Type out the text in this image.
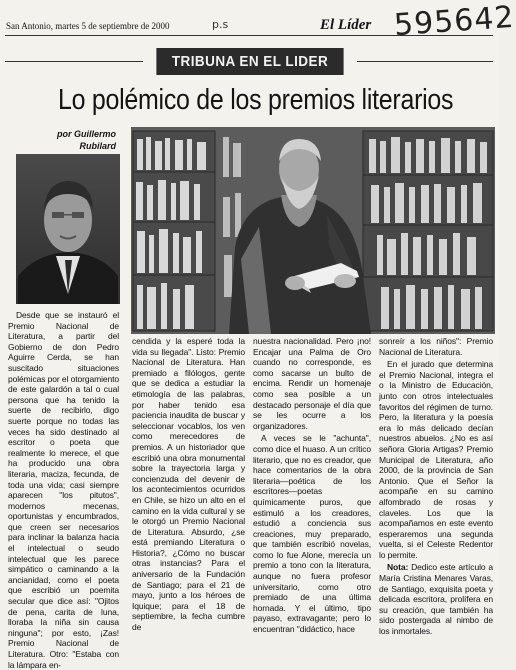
595642
San Antonio, martes 5 de septiembre de 2000	p.s	El Líder
TRIBUNA EN EL LIDER
Lo polémico de los premios literarios
por Guillermo
Rubilard

Desde que se instauró el Premio Nacional de Literatura, a partir del Gobierno de don Pedro Aguirre Cerda, se han suscitado situaciones polémicas por el otorgamiento de este galardón a tal o cual persona que ha tenido la suerte de recibirlo, digo suerte porque no todas las veces ha sido destinado al escritor o poeta que realmente lo merece, el que ha producido una obra literaria, maciza, fecunda, de toda una vida; casi siempre aparecen "los pitutos", modernos mecenas, oportunistas y encumbrados, que creen ser necesarios para inclinar la balanza hacia el intelectual o seudo intelectual que les parece simpático o caminando a la ancianidad, como el poeta que escribió un poemita secular que dice así: "Ojitos de pena, carita de luna, lloraba la niña sin causa ninguna"; por esto, ¡Zas! Premio Nacional de Literatura. Otro: "Estaba con la lámpara en-

cendida y la esperé toda la vida su llegada". Listo: Premio Nacional de Literatura. Han premiado a filólogos, gente que se dedica a estudiar la etimología de las palabras, por haber tenido esa paciencia inaudita de buscar y seleccionar vocablos, los ven como merecedores de premios. A un historiador que escribió una obra monumental sobre la trayectoria larga y concienzuda del devenir de los acontecimientos ocurridos en Chile, se hizo un alto en el camino en la vida cultural y se le otorgó un Premio Nacional de Literatura. Absurdo, ¿se está premiando Literatura o Historia?, ¿Cómo no buscar otras instancias? Para el aniversario de la Fundación de Santiago; para el 21 de mayo, junto a los héroes de Iquique; para el 18 de septiembre, la fecha cumbre de

nuestra nacionalidad. Pero ¡no! Encajar una Palma de Oro cuando no corresponde, es como sacarse un bulto de encima. Rendir un homenaje como sea posible a un destacado personaje el día que se les ocurre a los organizadores.

A veces se le "achunta", como dice el huaso. A un crítico literario, que no es creador, que hace comentarios de la obra literaria—poética de los escritores—poetas químicamente puros, que estimuló a los creadores, estudió a conciencia sus creaciones, muy preparado, que también escribió novelas, como lo fue Alone, merecía un premio a tono con la literatura, aunque no fuera profesor universitario, como otro premiado de una última hornada. Y el último, tipo payaso, extravagante; pero lo encuentran "didáctico, hace

sonreír a los niños": Premio Nacional de Literatura.

En el jurado que determina el Premio Nacional, integra el o la Ministro de Educación, junto con otros intelectuales favoritos del régimen de turno. Pero, la literatura y la poesía era lo más delicado decían nuestros abuelos. ¿No es así señora Gloria Artigas? Premio Municipal de Literatura, año 2000, de la provincia de San Antonio. Que el Señor la acompañe en su camino alfombrado de rosas y claveles. Los que la acompañamos en este evento esperaremos una segunda vuelta, si el Celeste Redentor lo permite.

Nota: Dedico este artículo a María Cristina Menares Varas, de Santiago, exquisita poeta y delicada escritora, prolífera en su creación, que también ha sido postergada al nimbo de los inmortales.
